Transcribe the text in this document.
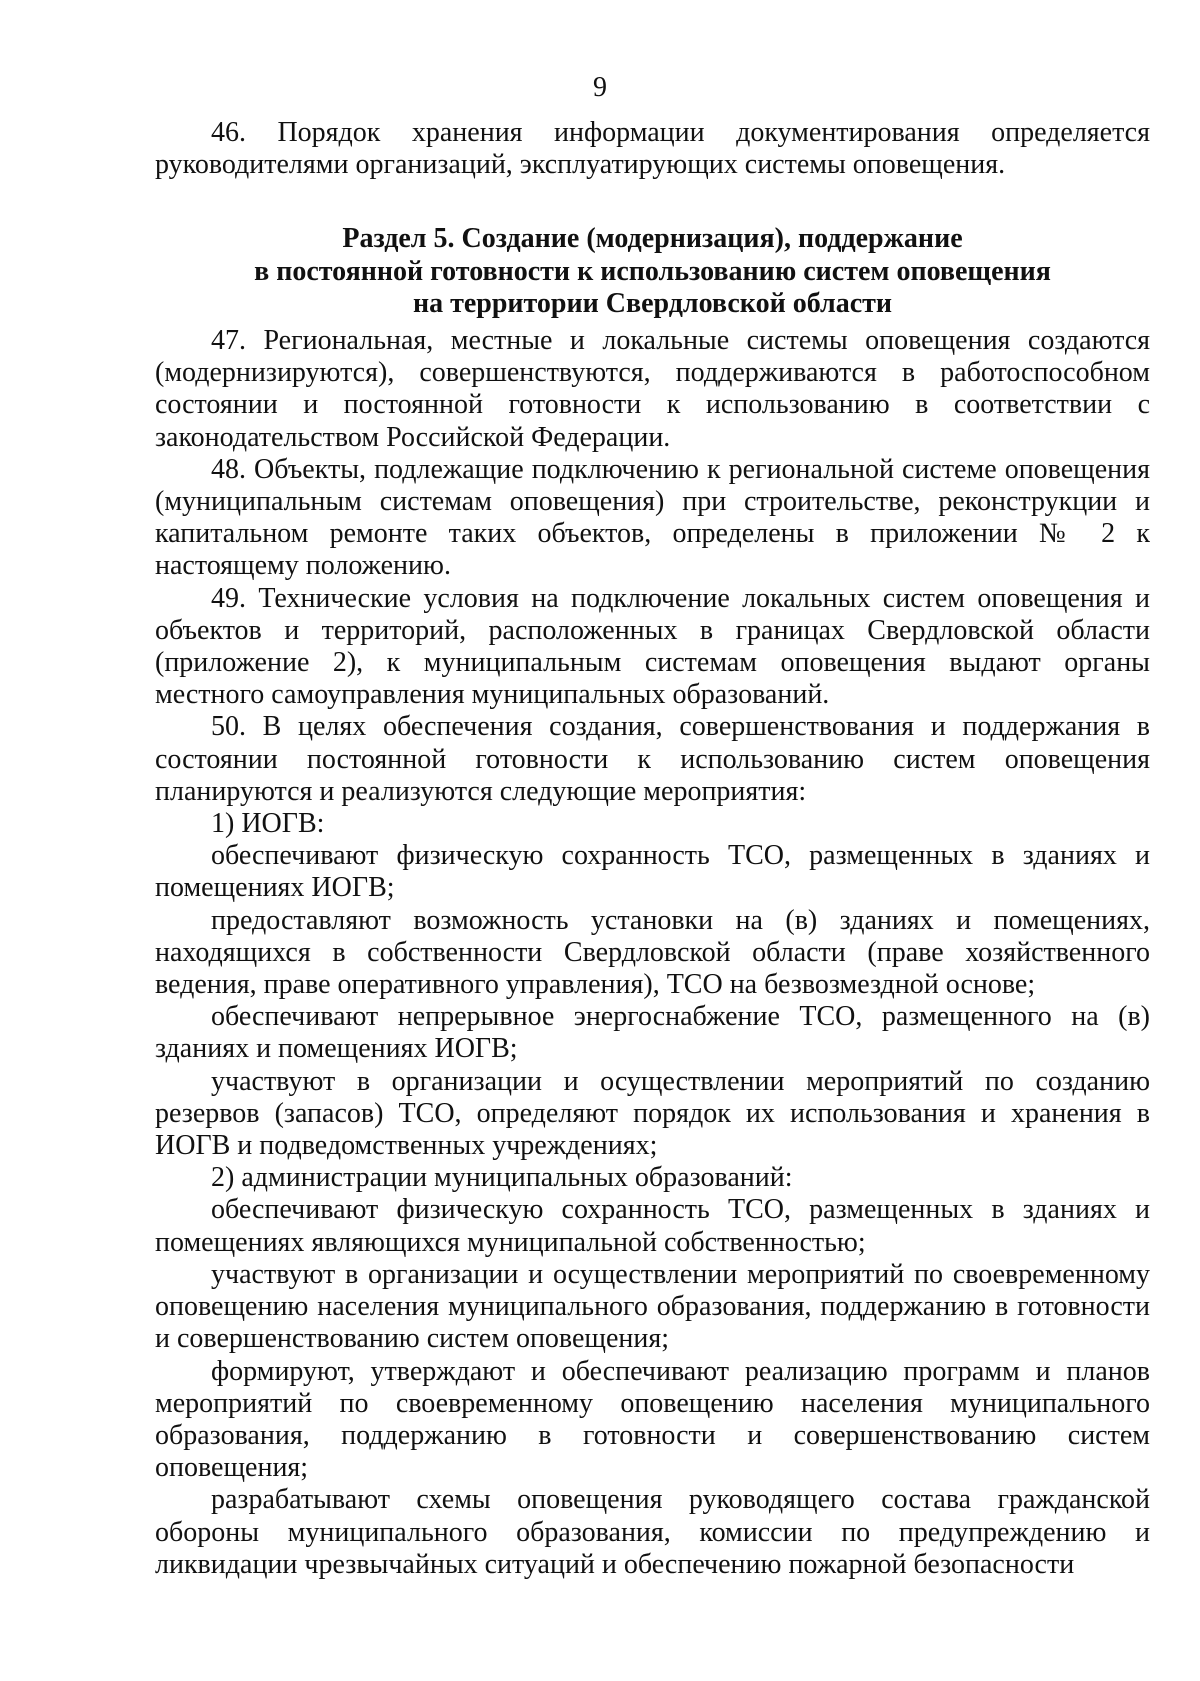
9

46. Порядок хранения информации документирования определяется руководителями организаций, эксплуатирующих системы оповещения.

Раздел 5. Создание (модернизация), поддержание
в постоянной готовности к использованию систем оповещения
на территории Свердловской области

47. Региональная, местные и локальные системы оповещения создаются (модернизируются), совершенствуются, поддерживаются в работоспособном состоянии и постоянной готовности к использованию в соответствии с законодательством Российской Федерации.

48. Объекты, подлежащие подключению к региональной системе оповещения (муниципальным системам оповещения) при строительстве, реконструкции и капитальном ремонте таких объектов, определены в приложении № 2 к настоящему положению.

49. Технические условия на подключение локальных систем оповещения и объектов и территорий, расположенных в границах Свердловской области (приложение 2), к муниципальным системам оповещения выдают органы местного самоуправления муниципальных образований.

50. В целях обеспечения создания, совершенствования и поддержания в состоянии постоянной готовности к использованию систем оповещения планируются и реализуются следующие мероприятия:

1) ИОГВ:

обеспечивают физическую сохранность ТСО, размещенных в зданиях и помещениях ИОГВ;

предоставляют возможность установки на (в) зданиях и помещениях, находящихся в собственности Свердловской области (праве хозяйственного ведения, праве оперативного управления), ТСО на безвозмездной основе;

обеспечивают непрерывное энергоснабжение ТСО, размещенного на (в) зданиях и помещениях ИОГВ;

участвуют в организации и осуществлении мероприятий по созданию резервов (запасов) ТСО, определяют порядок их использования и хранения в ИОГВ и подведомственных учреждениях;

2) администрации муниципальных образований:

обеспечивают физическую сохранность ТСО, размещенных в зданиях и помещениях являющихся муниципальной собственностью;

участвуют в организации и осуществлении мероприятий по своевременному оповещению населения муниципального образования, поддержанию в готовности и совершенствованию систем оповещения;

формируют, утверждают и обеспечивают реализацию программ и планов мероприятий по своевременному оповещению населения муниципального образования, поддержанию в готовности и совершенствованию систем оповещения;

разрабатывают схемы оповещения руководящего состава гражданской обороны муниципального образования, комиссии по предупреждению и ликвидации чрезвычайных ситуаций и обеспечению пожарной безопасности
